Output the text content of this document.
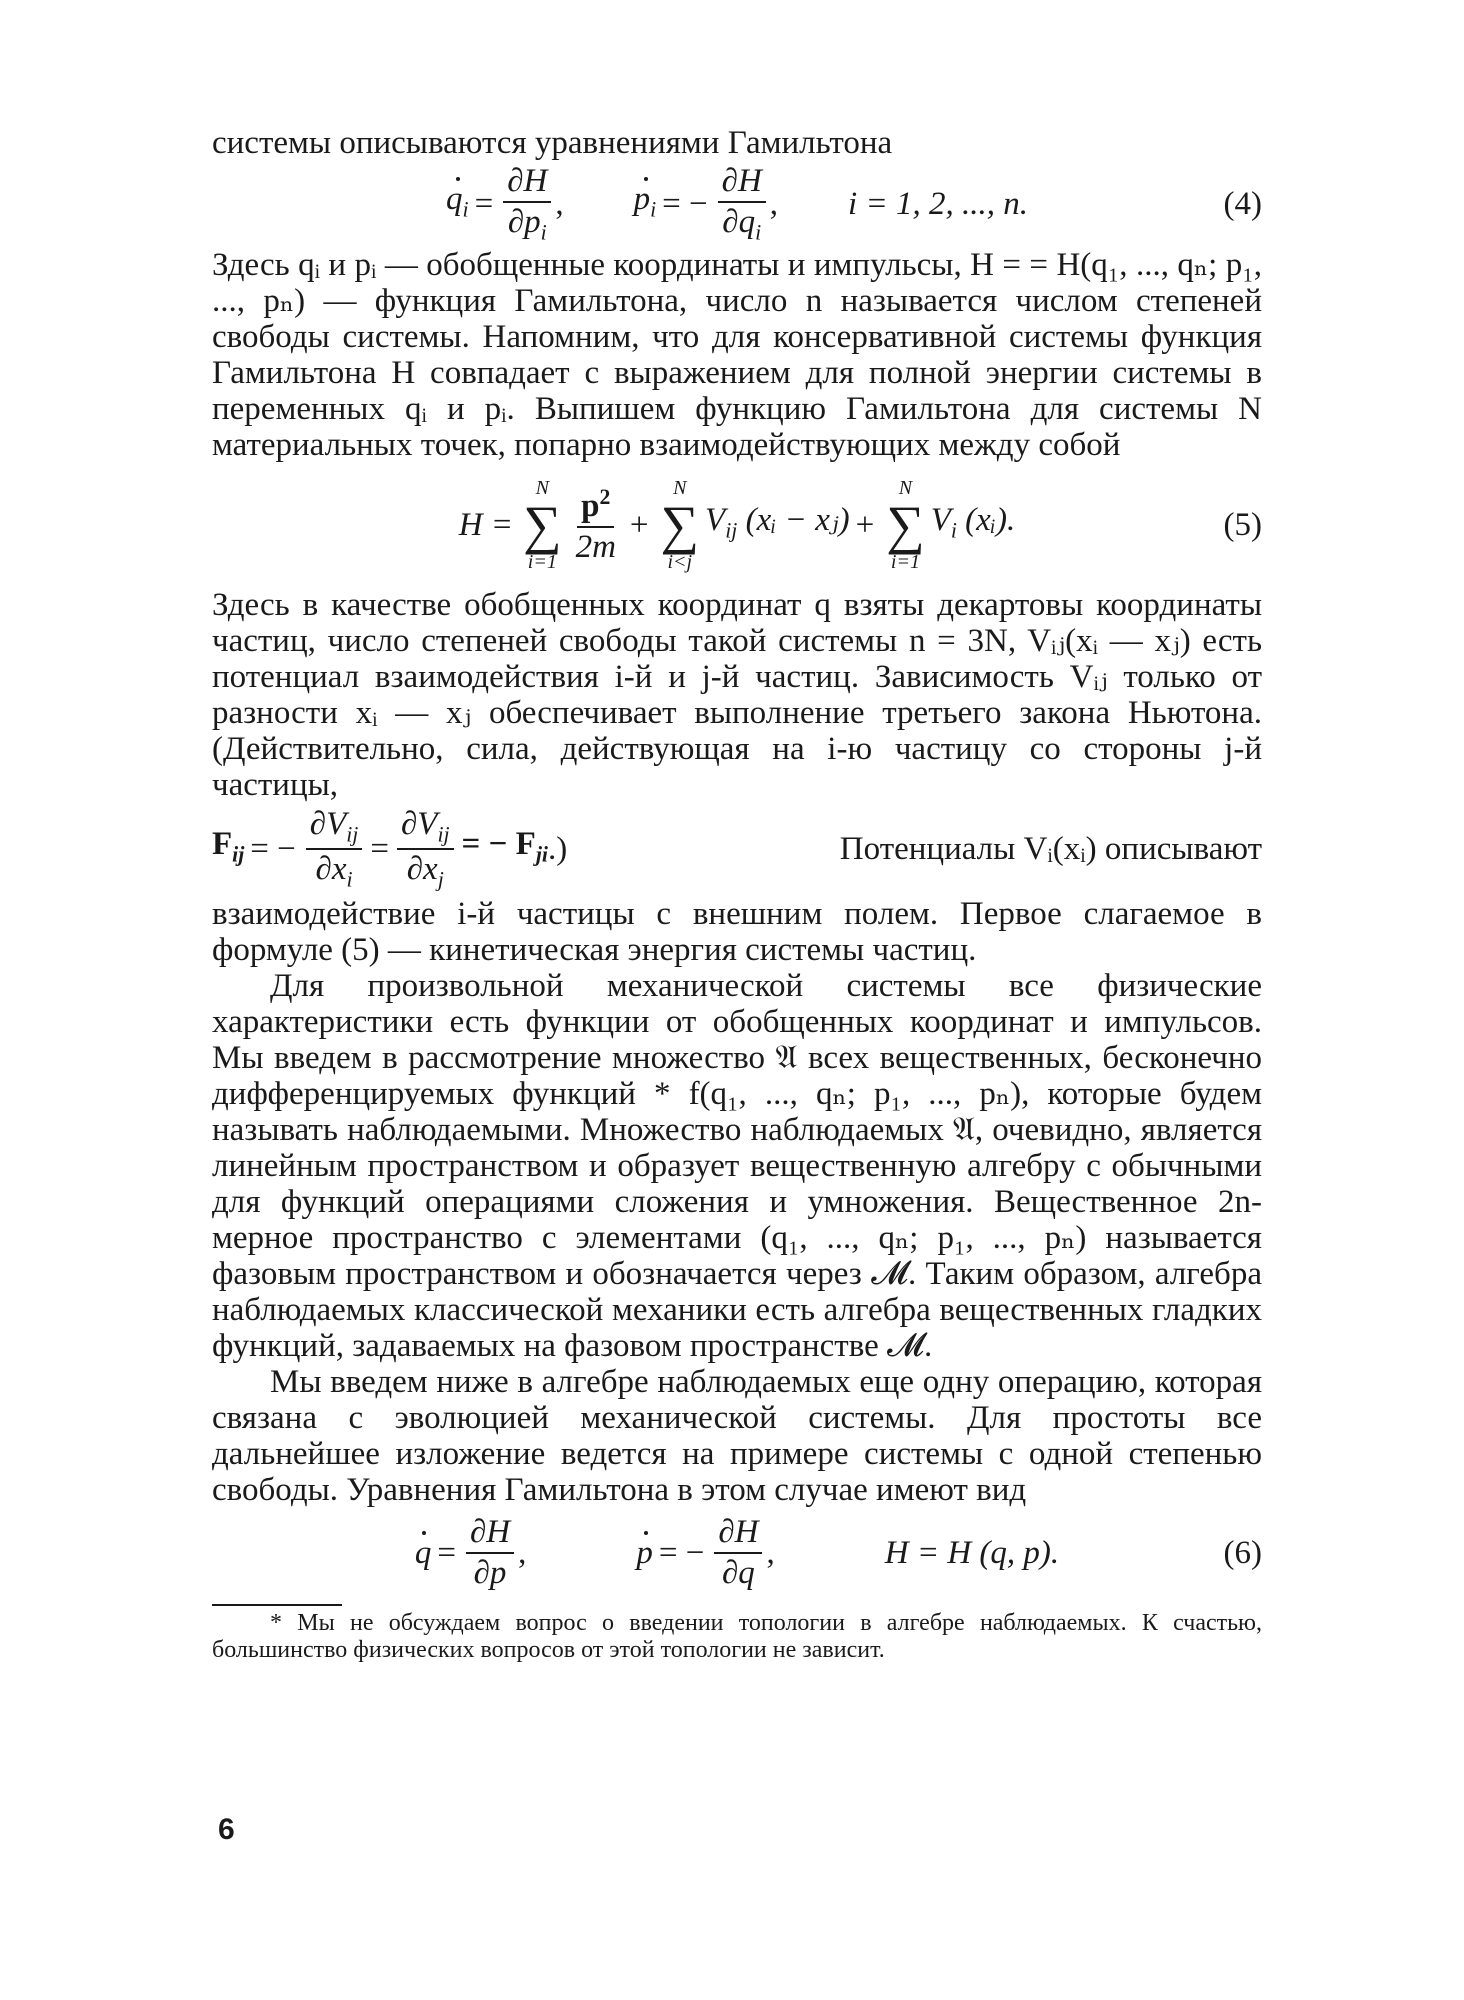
системы описываются уравнениями Гамильтона

$q_i = \frac{\partial H}{\partial p_i}$ , $p_i$ = − $\frac{\partial H}{\partial q_i}$ , i = 1, 2, ..., n.	(4)

Здесь qᵢ и pᵢ — обобщенные координаты и импульсы, H = = H(q₁, ..., qₙ; p₁, ..., pₙ) — функция Гамильтона, число n называется числом степеней свободы системы. Напомним, что для консервативной системы функция Гамильтона H совпадает с выражением для полной энергии системы в переменных qᵢ и pᵢ. Выпишем функцию Гамильтона для системы N материальных точек, попарно взаимодействующих между собой

H =
N
∑
$i=1 \frac{p^2}{2m}$ +
N
∑
i<j
$V_{ij}$ (xᵢ − xⱼ) +
N
∑
i=1
$V_i$ (xᵢ).	(5)

Здесь в качестве обобщенных координат q взяты декартовы координаты частиц, число степеней свободы такой системы n = 3N, Vᵢⱼ(xᵢ — xⱼ) есть потенциал взаимодействия i-й и j-й частиц. Зависимость Vᵢⱼ только от разности xᵢ — xⱼ обеспечивает выполнение третьего закона Ньютона. (Действительно, сила, действующая на i-ю частицу со стороны j-й частицы,

$F_{ij}$ = − $\frac{\partial V_{ij}}{\partial x_i} = \frac{\partial V_{ij}}{\partial x_j}$ = − $F_{ji}$ .)	Потенциалы Vᵢ(xᵢ) описывают

взаимодействие i-й частицы с внешним полем. Первое слагаемое в формуле (5) — кинетическая энергия системы частиц.

Для произвольной механической системы все физические характеристики есть функции от обобщенных координат и импульсов. Мы введем в рассмотрение множество 𝔄 всех вещественных, бесконечно дифференцируемых функций * f(q₁, ..., qₙ; p₁, ..., pₙ), которые будем называть наблюдаемыми. Множество наблюдаемых 𝔄, очевидно, является линейным пространством и образует вещественную алгебру с обычными для функций операциями сложения и умножения. Вещественное 2n-мерное пространство с элементами (q₁, ..., qₙ; p₁, ..., pₙ) называется фазовым пространством и обозначается через 𝓜. Таким образом, алгебра наблюдаемых классической механики есть алгебра вещественных гладких функций, задаваемых на фазовом пространстве 𝓜.

Мы введем ниже в алгебре наблюдаемых еще одну операцию, которая связана с эволюцией механической системы. Для простоты все дальнейшее изложение ведется на примере системы с одной степенью свободы. Уравнения Гамильтона в этом случае имеют вид

$q = \frac{\partial H}{\partial p}$ ,	p = − $\frac{\partial H}{\partial q}$ ,	H = H (q, p).	(6)

* Мы не обсуждаем вопрос о введении топологии в алгебре наблюдаемых. К счастью, большинство физических вопросов от этой топологии не зависит.

6
